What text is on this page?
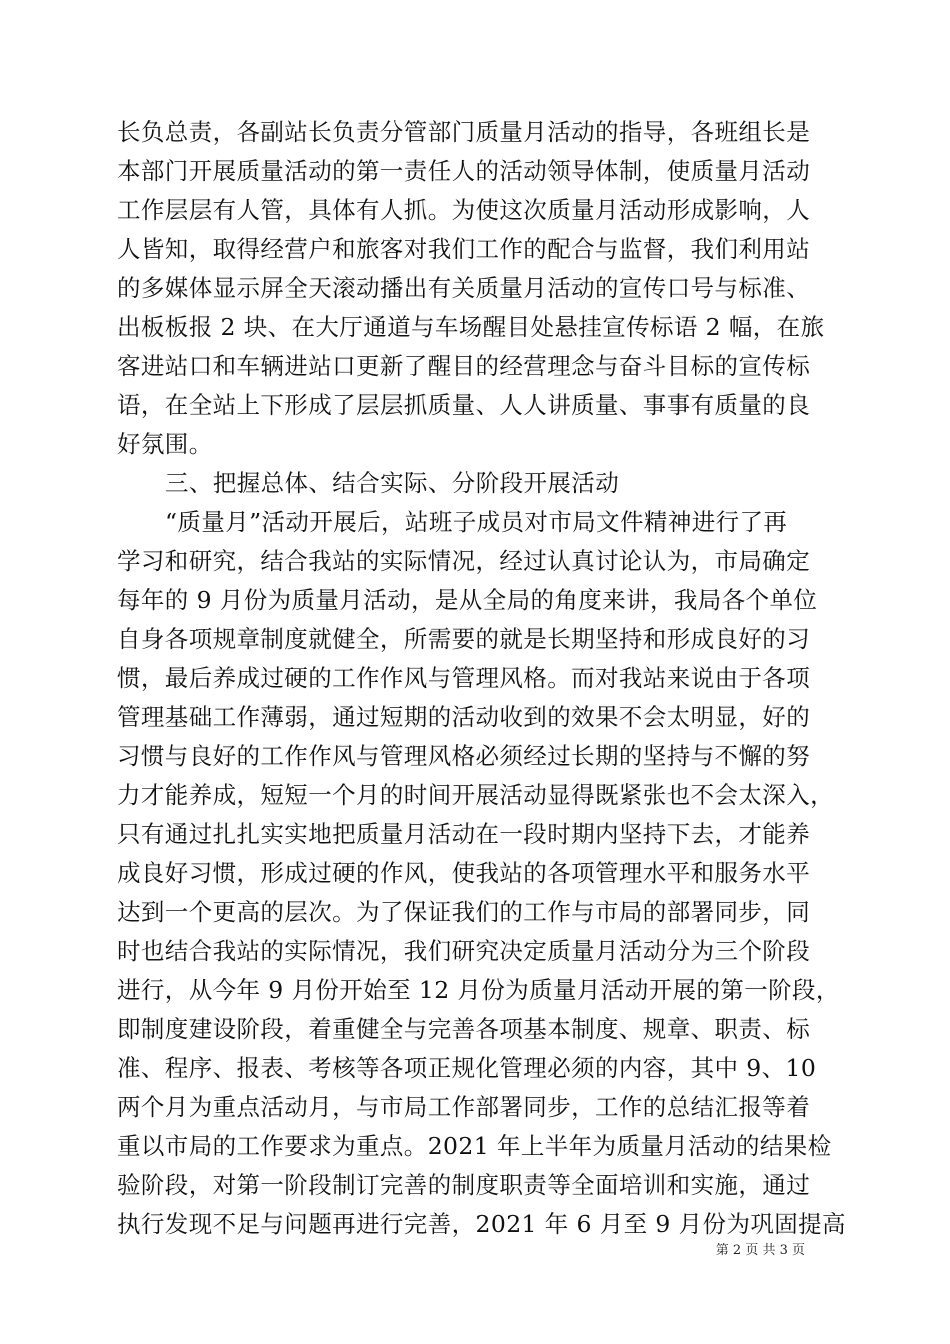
长负总责，各副站长负责分管部门质量月活动的指导，各班组长是
本部门开展质量活动的第一责任人的活动领导体制，使质量月活动
工作层层有人管，具体有人抓。为使这次质量月活动形成影响，人
人皆知，取得经营户和旅客对我们工作的配合与监督，我们利用站
的多媒体显示屏全天滚动播出有关质量月活动的宣传口号与标准、
出板板报 2 块、在大厅通道与车场醒目处悬挂宣传标语 2 幅，在旅
客进站口和车辆进站口更新了醒目的经营理念与奋斗目标的宣传标
语，在全站上下形成了层层抓质量、人人讲质量、事事有质量的良
好氛围。
三、把握总体、结合实际、分阶段开展活动
“质量月”活动开展后，站班子成员对市局文件精神进行了再
学习和研究，结合我站的实际情况，经过认真讨论认为，市局确定
每年的 9 月份为质量月活动，是从全局的角度来讲，我局各个单位
自身各项规章制度就健全，所需要的就是长期坚持和形成良好的习
惯，最后养成过硬的工作作风与管理风格。而对我站来说由于各项
管理基础工作薄弱，通过短期的活动收到的效果不会太明显，好的
习惯与良好的工作作风与管理风格必须经过长期的坚持与不懈的努
力才能养成，短短一个月的时间开展活动显得既紧张也不会太深入，
只有通过扎扎实实地把质量月活动在一段时期内坚持下去，才能养
成良好习惯，形成过硬的作风，使我站的各项管理水平和服务水平
达到一个更高的层次。为了保证我们的工作与市局的部署同步，同
时也结合我站的实际情况，我们研究决定质量月活动分为三个阶段
进行，从今年 9 月份开始至 12 月份为质量月活动开展的第一阶段，
即制度建设阶段，着重健全与完善各项基本制度、规章、职责、标
准、程序、报表、考核等各项正规化管理必须的内容，其中 9、10
两个月为重点活动月，与市局工作部署同步，工作的总结汇报等着
重以市局的工作要求为重点。2021 年上半年为质量月活动的结果检
验阶段，对第一阶段制订完善的制度职责等全面培训和实施，通过
执行发现不足与问题再进行完善，2021 年 6 月至 9 月份为巩固提高
第 2 页 共 3 页
